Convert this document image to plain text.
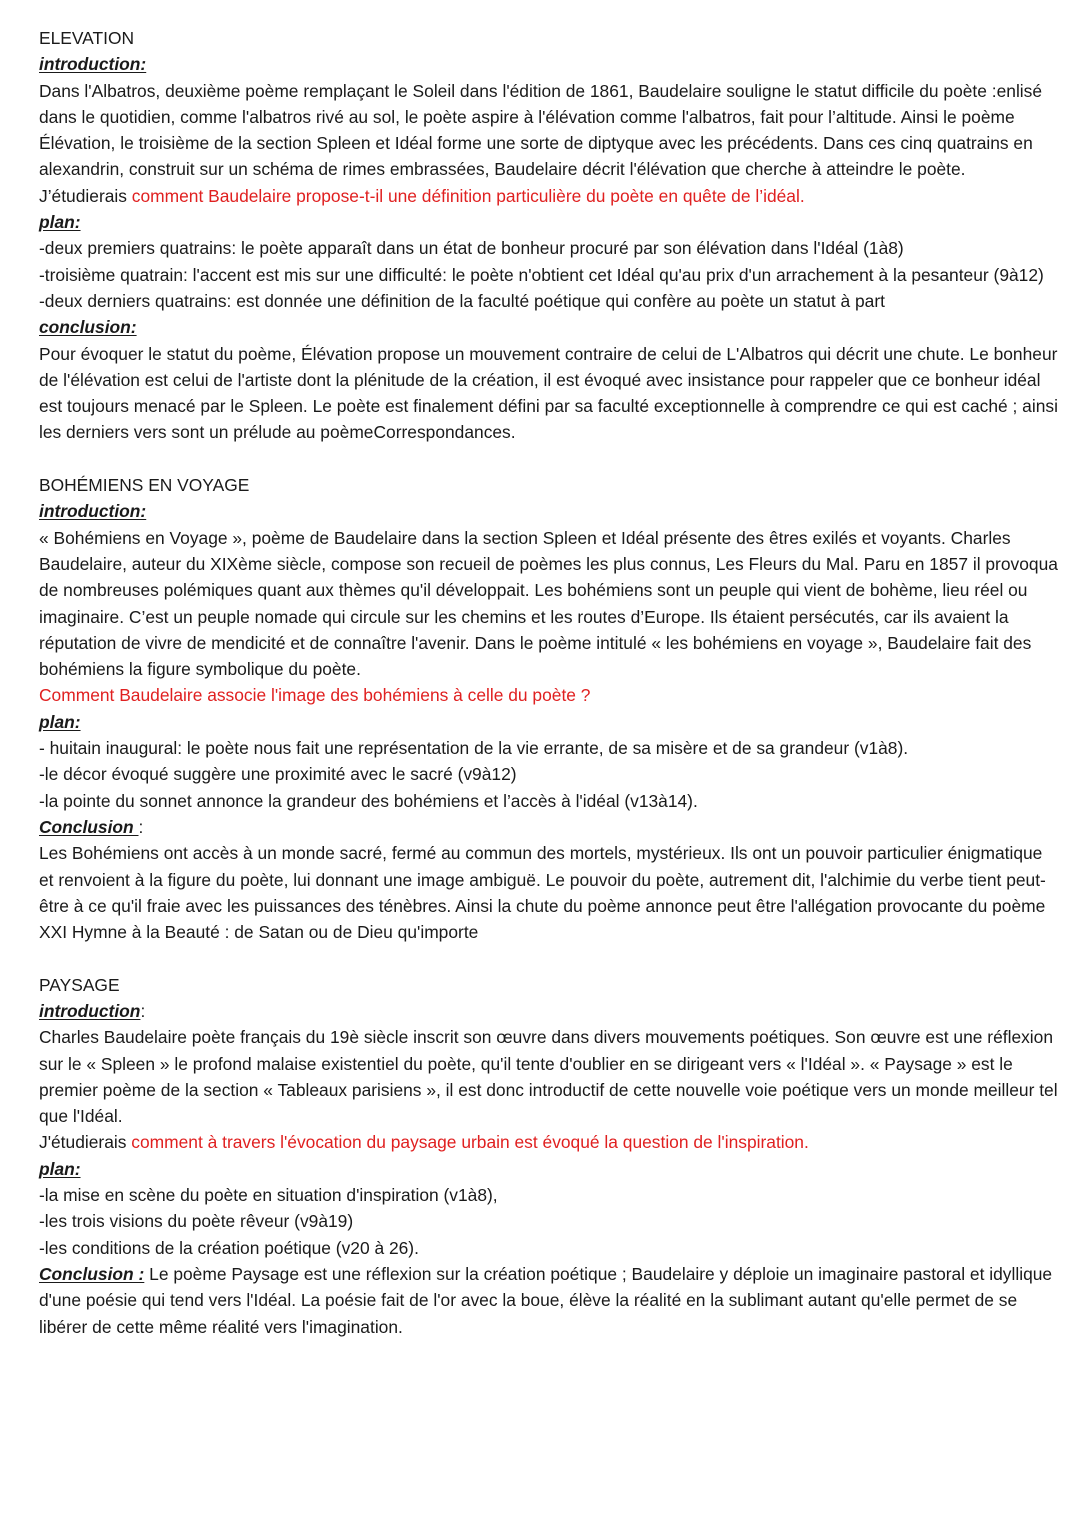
ELEVATION

introduction:

Dans l'Albatros, deuxième poème remplaçant le Soleil dans l'édition de 1861, Baudelaire souligne le statut difficile du poète :enlisé dans le quotidien, comme l'albatros rivé au sol, le poète aspire à l'élévation comme l'albatros, fait pour l’altitude. Ainsi le poème Élévation, le troisième de la section Spleen et Idéal forme une sorte de diptyque avec les précédents. Dans ces cinq quatrains en alexandrin, construit sur un schéma de rimes embrassées, Baudelaire décrit l'élévation que cherche à atteindre le poète.

J’étudierais comment Baudelaire propose-t-il une définition particulière du poète en quête de l’idéal.

plan:

-deux premiers quatrains: le poète apparaît dans un état de bonheur procuré par son élévation dans l'Idéal (1à8)

-troisième quatrain: l'accent est mis sur une difficulté: le poète n'obtient cet Idéal qu'au prix d'un arrachement à la pesanteur (9à12)

-deux derniers quatrains: est donnée une définition de la faculté poétique qui confère au poète un statut à part

conclusion:

Pour évoquer le statut du poème, Élévation propose un mouvement contraire de celui de L'Albatros qui décrit une chute. Le bonheur de l'élévation est celui de l'artiste dont la plénitude de la création, il est évoqué avec insistance pour rappeler que ce bonheur idéal est toujours menacé par le Spleen. Le poète est finalement défini par sa faculté exceptionnelle à comprendre ce qui est caché ; ainsi les derniers vers sont un prélude au poèmeCorrespondances.

BOHÉMIENS EN VOYAGE

introduction:

« Bohémiens en Voyage », poème de Baudelaire dans la section Spleen et Idéal présente des êtres exilés et voyants. Charles Baudelaire, auteur du XIXème siècle, compose son recueil de poèmes les plus connus, Les Fleurs du Mal. Paru en 1857 il provoqua de nombreuses polémiques quant aux thèmes qu'il développait. Les bohémiens sont un peuple qui vient de bohème, lieu réel ou imaginaire. C’est un peuple nomade qui circule sur les chemins et les routes d’Europe. Ils étaient persécutés, car ils avaient la réputation de vivre de mendicité et de connaître l'avenir. Dans le poème intitulé « les bohémiens en voyage », Baudelaire fait des bohémiens la figure symbolique du poète.

Comment Baudelaire associe l'image des bohémiens à celle du poète ?

plan:

- huitain inaugural: le poète nous fait une représentation de la vie errante, de sa misère et de sa grandeur (v1à8).

-le décor évoqué suggère une proximité avec le sacré (v9à12)

-la pointe du sonnet annonce la grandeur des bohémiens et l’accès à l'idéal (v13à14).

Conclusion :

Les Bohémiens ont accès à un monde sacré, fermé au commun des mortels, mystérieux. Ils ont un pouvoir particulier énigmatique et renvoient à la figure du poète, lui donnant une image ambiguë. Le pouvoir du poète, autrement dit, l'alchimie du verbe tient peut-être à ce qu'il fraie avec les puissances des ténèbres. Ainsi la chute du poème annonce peut être l'allégation provocante du poème XXI Hymne à la Beauté : de Satan ou de Dieu qu'importe

PAYSAGE

introduction:

Charles Baudelaire poète français du 19è siècle inscrit son œuvre dans divers mouvements poétiques. Son œuvre est une réflexion sur le « Spleen » le profond malaise existentiel du poète, qu'il tente d'oublier en se dirigeant vers « l'Idéal ». « Paysage » est le premier poème de la section « Tableaux parisiens », il est donc introductif de cette nouvelle voie poétique vers un monde meilleur tel que l'Idéal.

J'étudierais comment à travers l'évocation du paysage urbain est évoqué la question de l'inspiration.

plan:

-la mise en scène du poète en situation d'inspiration (v1à8),

-les trois visions du poète rêveur (v9à19)

-les conditions de la création poétique (v20 à 26).

Conclusion : Le poème Paysage est une réflexion sur la création poétique ; Baudelaire y déploie un imaginaire pastoral et idyllique d'une poésie qui tend vers l'Idéal. La poésie fait de l'or avec la boue, élève la réalité en la sublimant autant qu'elle permet de se libérer de cette même réalité vers l'imagination.
